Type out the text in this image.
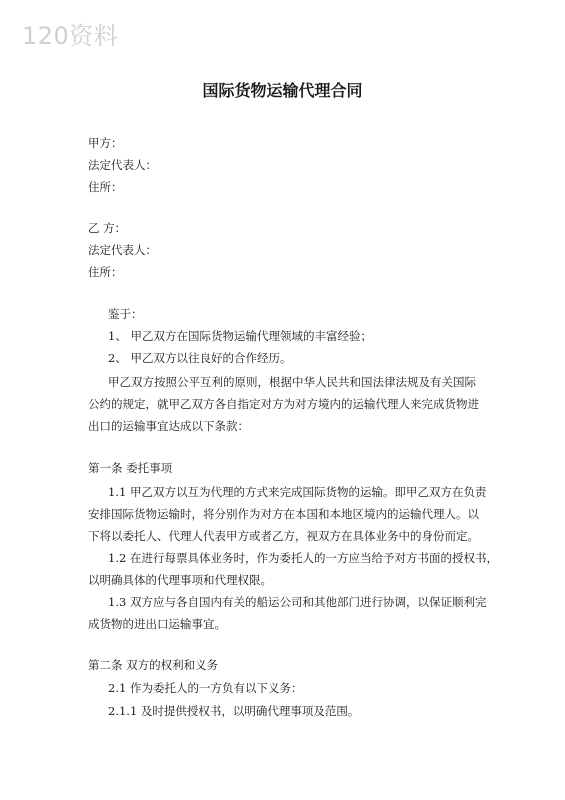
120资料
国际货物运输代理合同
甲方：
法定代表人：
住所：
乙 方：
法定代表人：
住所：
鉴于：
1、 甲乙双方在国际货物运输代理领域的丰富经验；
2、 甲乙双方以往良好的合作经历。
甲乙双方按照公平互利的原则，根据中华人民共和国法律法规及有关国际
公约的规定，就甲乙双方各自指定对方为对方境内的运输代理人来完成货物进
出口的运输事宜达成以下条款：
第一条 委托事项
1.1 甲乙双方以互为代理的方式来完成国际货物的运输。即甲乙双方在负责
安排国际货物运输时，将分别作为对方在本国和本地区境内的运输代理人。以
下将以委托人、代理人代表甲方或者乙方，视双方在具体业务中的身份而定。
1.2 在进行每票具体业务时，作为委托人的一方应当给予对方书面的授权书，
以明确具体的代理事项和代理权限。
1.3 双方应与各自国内有关的船运公司和其他部门进行协调，以保证顺利完
成货物的进出口运输事宜。
第二条 双方的权利和义务
2.1 作为委托人的一方负有以下义务：
2.1.1 及时提供授权书，以明确代理事项及范围。
